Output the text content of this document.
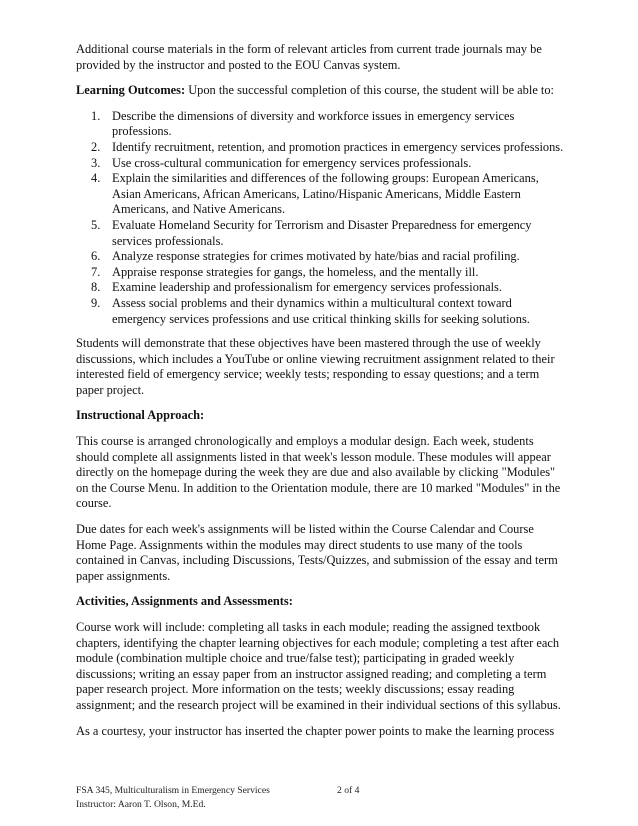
Additional course materials in the form of relevant articles from current trade journals may be provided by the instructor and posted to the EOU Canvas system.

Learning Outcomes: Upon the successful completion of this course, the student will be able to:

1. Describe the dimensions of diversity and workforce issues in emergency services professions.
2. Identify recruitment, retention, and promotion practices in emergency services professions.
3. Use cross-cultural communication for emergency services professionals.
4. Explain the similarities and differences of the following groups: European Americans, Asian Americans, African Americans, Latino/Hispanic Americans, Middle Eastern Americans, and Native Americans.
5. Evaluate Homeland Security for Terrorism and Disaster Preparedness for emergency services professionals.
6. Analyze response strategies for crimes motivated by hate/bias and racial profiling.
7. Appraise response strategies for gangs, the homeless, and the mentally ill.
8. Examine leadership and professionalism for emergency services professionals.
9. Assess social problems and their dynamics within a multicultural context toward emergency services professions and use critical thinking skills for seeking solutions.

Students will demonstrate that these objectives have been mastered through the use of weekly discussions, which includes a YouTube or online viewing recruitment assignment related to their interested field of emergency service; weekly tests; responding to essay questions; and a term paper project.

Instructional Approach:

This course is arranged chronologically and employs a modular design. Each week, students should complete all assignments listed in that week's lesson module. These modules will appear directly on the homepage during the week they are due and also available by clicking "Modules" on the Course Menu. In addition to the Orientation module, there are 10 marked "Modules" in the course.

Due dates for each week's assignments will be listed within the Course Calendar and Course Home Page. Assignments within the modules may direct students to use many of the tools contained in Canvas, including Discussions, Tests/Quizzes, and submission of the essay and term paper assignments.

Activities, Assignments and Assessments:

Course work will include: completing all tasks in each module; reading the assigned textbook chapters, identifying the chapter learning objectives for each module; completing a test after each module (combination multiple choice and true/false test); participating in graded weekly discussions; writing an essay paper from an instructor assigned reading; and completing a term paper research project. More information on the tests; weekly discussions; essay reading assignment; and the research project will be examined in their individual sections of this syllabus.

As a courtesy, your instructor has inserted the chapter power points to make the learning process

FSA 345, Multiculturalism in Emergency Services	2 of 4
Instructor: Aaron T. Olson, M.Ed.
